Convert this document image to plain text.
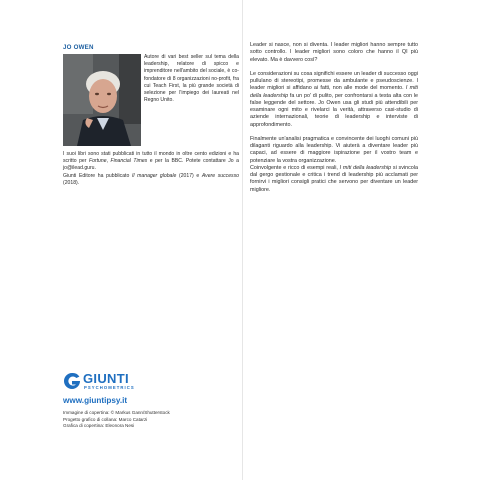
JO OWEN
Autore di vari best seller sul tema della leadership, relatore di spicco e imprenditore nell'ambito del sociale, è co-fondatore di 8 organizzazioni no-profit, fra cui Teach First, la più grande società di selezione per l'impiego dei laureati nel Regno Unito.

I suoi libri sono stati pubblicati in tutto il mondo in oltre cento edizioni e ha scritto per Fortune, Financial Times e per la BBC. Potete contattare Jo a jo@ilead.guru.

Giunti Editore ha pubblicato Il manager globale (2017) e Avere successo (2018).

GIUNTI
PSYCHOMETRICS
www.giuntipsy.it
Immagine di copertina: © Markus Gann/Shutterstock
Progetto grafico di collana: Marco Catarzi
Grafica di copertina: Eleonora Nesi

Leader si nasce, non si diventa. I leader migliori hanno sempre tutto sotto controllo. I leader migliori sono coloro che hanno il QI più elevato. Ma è davvero così?

Le considerazioni su cosa significhi essere un leader di successo oggi pullulano di stereotipi, promesse da ambulante e pseudoscienze. I leader migliori si affidano ai fatti, non alle mode del momento. I miti della leadership fa un po' di pulito, per confrontarsi a testa alta con le false leggende del settore. Jo Owen usa gli studi più attendibili per esaminare ogni mito e rivelarci la verità, attraverso casi-studio di aziende internazionali, teorie di leadership e interviste di approfondimento.

Finalmente un'analisi pragmatica e convincente dei luoghi comuni più dilaganti riguardo alla leadership. Vi aiuterà a diventare leader più capaci, ad essere di maggiore ispirazione per il vostro team e potenziare la vostra organizzazione.

Coinvolgente e ricco di esempi reali, I miti della leadership si svincola dal gergo gestionale e critica i trend di leadership più acclamati per fornirvi i migliori consigli pratici che servono per diventare un leader migliore.
